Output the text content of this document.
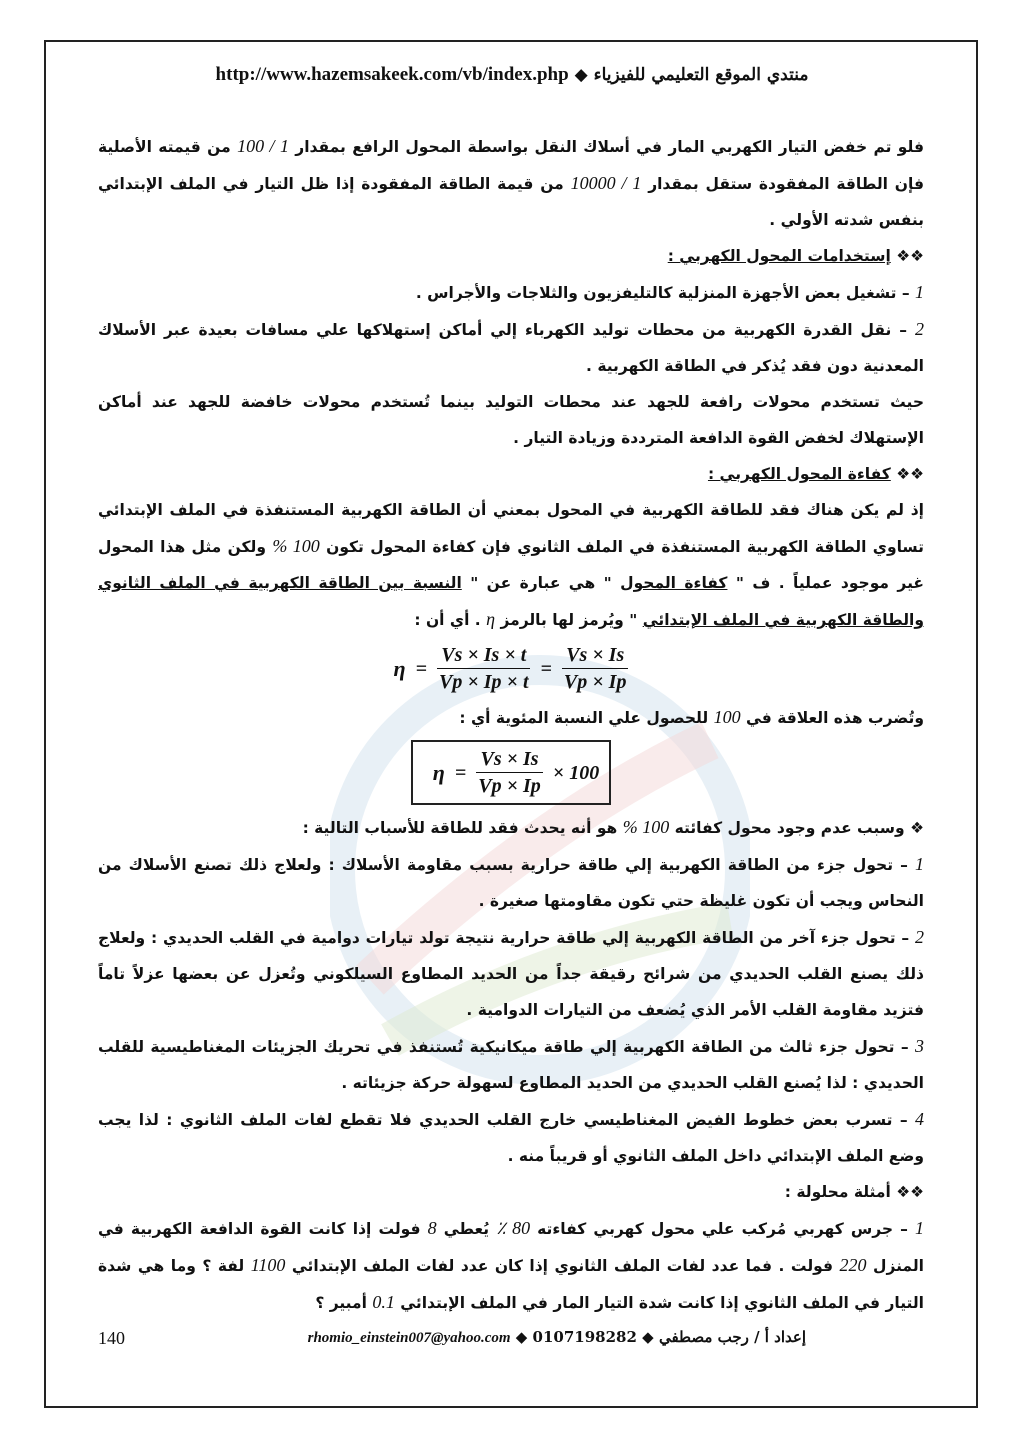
http://www.hazemsakeek.com/vb/index.php ◆ منتدي الموقع التعليمي للفيزياء

فلو تم خفض التيار الكهربي المار في أسلاك النقل بواسطة المحول الرافع بمقدار 1 / 100 من قيمته الأصلية فإن الطاقة المفقودة ستقل بمقدار 1 / 10000 من قيمة الطاقة المفقودة إذا ظل التيار في الملف الإبتدائي بنفس شدته الأولي .

❖❖ إستخدامات المحول الكهربي :

1 – تشغيل بعض الأجهزة المنزلية كالتليفزيون والثلاجات والأجراس .

2 – نقل القدرة الكهربية من محطات توليد الكهرباء إلي أماكن إستهلاكها علي مسافات بعيدة عبر الأسلاك المعدنية دون فقد يُذكر في الطاقة الكهربية .

حيث تستخدم محولات رافعة للجهد عند محطات التوليد بينما تُستخدم محولات خافضة للجهد عند أماكن الإستهلاك لخفض القوة الدافعة المترددة وزيادة التيار .

❖❖ كفاءة المحول الكهربي :

إذ لم يكن هناك فقد للطاقة الكهربية في المحول بمعني أن الطاقة الكهربية المستنفذة في الملف الإبتدائي تساوي الطاقة الكهربية المستنفذة في الملف الثانوي فإن كفاءة المحول تكون 100 % ولكن مثل هذا المحول غير موجود عملياً . ف " كفاءة المحول " هي عبارة عن " النسبة بين الطاقة الكهربية في الملف الثانوي والطاقة الكهربية في الملف الإبتدائي " ويُرمز لها بالرمز η . أي أن :

$\eta = \frac{Vs \times Is \times t}{Vp \times Ip \times t} = \frac{Vs \times Is}{Vp \times Ip}$

وتُضرب هذه العلاقة في 100 للحصول علي النسبة المئوية أي :

$\eta = \frac{Vs \times Is}{Vp \times Ip} \times 100$

❖ وسبب عدم وجود محول كفائته 100 % هو أنه يحدث فقد للطاقة للأسباب التالية :

1 – تحول جزء من الطاقة الكهربية إلي طاقة حرارية بسبب مقاومة الأسلاك : ولعلاج ذلك تصنع الأسلاك من النحاس ويجب أن تكون غليظة حتي تكون مقاومتها صغيرة .

2 – تحول جزء آخر من الطاقة الكهربية إلي طاقة حرارية نتيجة تولد تيارات دوامية في القلب الحديدي : ولعلاج ذلك يصنع القلب الحديدي من شرائح رقيقة جداً من الحديد المطاوع السيلكوني وتُعزل عن بعضها عزلاً تاماً فتزيد مقاومة القلب الأمر الذي يُضعف من التيارات الدوامية .

3 – تحول جزء ثالث من الطاقة الكهربية إلي طاقة ميكانيكية تُستنفذ في تحريك الجزيئات المغناطيسية للقلب الحديدي : لذا يُصنع القلب الحديدي من الحديد المطاوع لسهولة حركة جزيئاته .

4 – تسرب بعض خطوط الفيض المغناطيسي خارج القلب الحديدي فلا تقطع لفات الملف الثانوي : لذا يجب وضع الملف الإبتدائي داخل الملف الثانوي أو قريباً منه .

❖❖ أمثلة محلولة :

1 – جرس كهربي مُركب علي محول كهربي كفاءته 80 ٪ يُعطي 8 فولت إذا كانت القوة الدافعة الكهربية في المنزل 220 فولت . فما عدد لفات الملف الثانوي إذا كان عدد لفات الملف الإبتدائي 1100 لفة ؟ وما هي شدة التيار في الملف الثانوي إذا كانت شدة التيار المار في الملف الإبتدائي 0.1 أمبير ؟

140	إعداد أ / رجب مصطفي ◆ 0107198282 ◆ rhomio_einstein007@yahoo.com
